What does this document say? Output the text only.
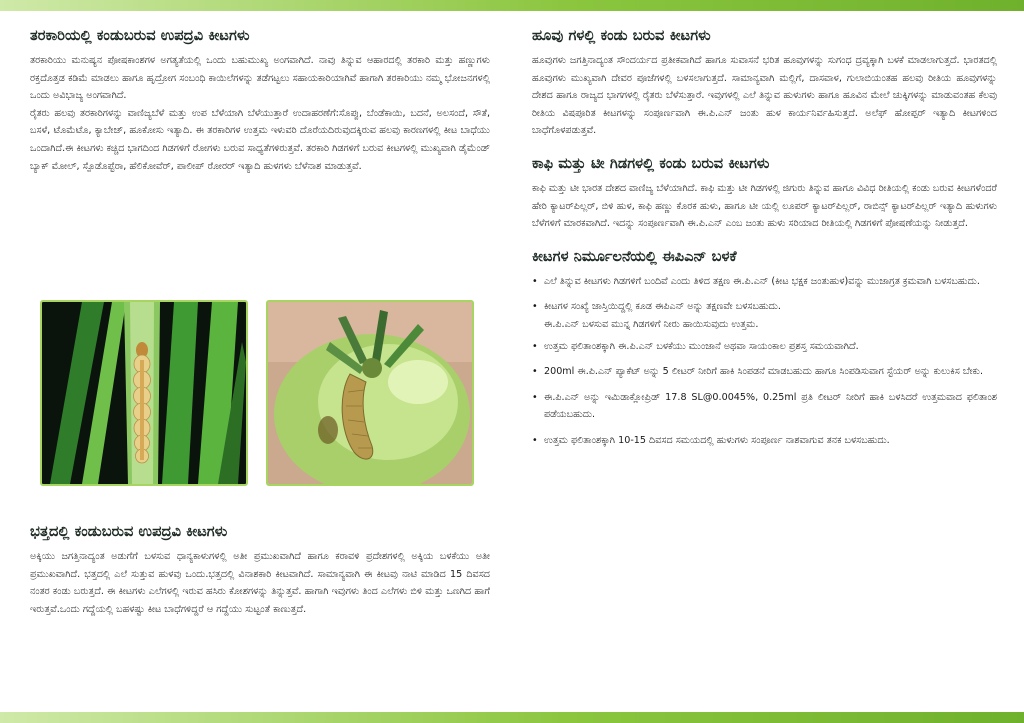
ತರಕಾರಿಯಲ್ಲಿ ಕಂಡುಬರುವ ಉಪದ್ರವಿ ಕೀಟಗಳು

ತರಕಾರಿಯು ಮನುಷ್ಯನ ಪೋಷಕಾಂಶಗಳ ಅಗತ್ಯತೆಯಲ್ಲಿ ಒಂದು ಬಹುಮುಖ್ಯ ಅಂಗವಾಗಿದೆ. ನಾವು ತಿನ್ನುವ ಆಹಾರದಲ್ಲಿ ತರಕಾರಿ ಮತ್ತು ಹಣ್ಣುಗಳು ರಕ್ತದೊತ್ತಡ ಕಡಿಮೆ ಮಾಡಲು ಹಾಗೂ ಹೃದ್ರೋಗ ಸಂಬಂಧಿ ಕಾಯಿಲೆಗಳನ್ನು ತಡೆಗಟ್ಟಲು ಸಹಾಯಕಾರಿಯಾಗಿವೆ ಹಾಗಾಗಿ ತರಕಾರಿಯು ನಮ್ಮ ಭೋಜನಗಳಲ್ಲಿ ಒಂದು ಅವಿಭಾಜ್ಯ ಅಂಗವಾಗಿದೆ.

ರೈತರು ಹಲವು ತರಕಾರಿಗಳನ್ನು ವಾಣಿಜ್ಯಬೆಳೆ ಮತ್ತು ಉಪ ಬೆಳೆಯಾಗಿ ಬೆಳೆಯುತ್ತಾರೆ ಉದಾಹರಣೆಗೆ:ಸೊಪ್ಪು, ಬೆಂಡೆಕಾಯಿ, ಬದನೆ, ಅಲಸಂದೆ, ಸೌತೆ, ಬಸಳೆ, ಟೊಮೆಟೊ, ಕ್ಯಾಬೇಜ್, ಹೂಕೋಸು ಇತ್ಯಾದಿ. ಈ ತರಕಾರಿಗಳ ಉತ್ತಮ ಇಳುವರಿ ದೊರೆಯದಿರುವುದಕ್ಕಿರುವ ಹಲವು ಕಾರಣಗಳಲ್ಲಿ ಕೀಟ ಬಾಧೆಯು ಒಂದಾಗಿದೆ.ಈ ಕೀಟಗಳು ಕಚ್ಚಿದ ಭಾಗದಿಂದ ಗಿಡಗಳಿಗೆ ರೋಗಳು ಬರುವ ಸಾಧ್ಯತೆಗಳಿರುತ್ತವೆ. ತರಕಾರಿ ಗಿಡಗಳಿಗೆ ಬರುವ ಕೀಟಗಳಲ್ಲಿ ಮುಖ್ಯವಾಗಿ ಡೈಮೆಂಡ್ ಬ್ಯಾಕ್ ಮೋಲ್, ಸ್ಪೊಡೊಪ್ಟೆರಾ, ಹೆಲಿಕೋವೆರ್, ಪಾಲೀಪ್ ರೋರರ್ ಇತ್ಯಾದಿ ಹುಳಗಳು ಬೆಳೆನಾಶ ಮಾಡುತ್ತವೆ.

ಭತ್ತದಲ್ಲಿ ಕಂಡುಬರುವ ಉಪದ್ರವಿ ಕೀಟಗಳು

ಅಕ್ಕಿಯು ಜಗತ್ತಿನಾದ್ಯಂತ ಅಡುಗೆಗೆ ಬಳಸುವ ಧಾನ್ಯಕಾಳುಗಳಲ್ಲಿ ಅತೀ ಪ್ರಮುಖವಾಗಿದೆ ಹಾಗೂ ಕರಾವಳಿ ಪ್ರದೇಶಗಳಲ್ಲಿ ಅಕ್ಕಿಯ ಬಳಕೆಯು ಅತೀ ಪ್ರಮುಖವಾಗಿದೆ. ಭತ್ತದಲ್ಲಿ ಎಲೆ ಸುತ್ತುವ ಹುಳವು ಒಂದು.ಭತ್ತದಲ್ಲಿ ವಿನಾಶಕಾರಿ ಕೀಟವಾಗಿದೆ. ಸಾಮಾನ್ಯವಾಗಿ ಈ ಕೀಟವು ನಾಟಿ ಮಾಡಿದ 15 ದಿವಸದ ನಂತರ ಕಂಡು ಬರುತ್ತದೆ. ಈ ಕೀಟಗಳು ಎಲೆಗಳಲ್ಲಿ ಇರುವ ಹಸಿರು ಕೋಶಗಳನ್ನು ತಿನ್ನುತ್ತವೆ. ಹಾಗಾಗಿ ಇವುಗಳು ತಿಂದ ಎಲೆಗಳು ಬಿಳಿ ಮತ್ತು ಒಣಗಿದ ಹಾಗೆ ಇರುತ್ತವೆ.ಒಂದು ಗದ್ದೆಯಲ್ಲಿ ಬಹಳಷ್ಟು ಕೀಟ ಬಾಧೆಗಳಿದ್ದರೆ ಆ ಗದ್ದೆಯು ಸುಟ್ಟಂತೆ ಕಾಣುತ್ತದೆ.

ಹೂವು ಗಳಲ್ಲಿ ಕಂಡು ಬರುವ ಕೀಟಗಳು

ಹೂವುಗಳು ಜಗತ್ತಿನಾದ್ಯಂತ ಸೌಂದರ್ಯದ ಪ್ರತೀಕವಾಗಿದೆ ಹಾಗೂ ಸುವಾಸನೆ ಭರಿತ ಹೂವುಗಳನ್ನು ಸುಗಂಧ ದ್ರವ್ಯಕ್ಕಾಗಿ ಬಳಕೆ ಮಾಡಲಾಗುತ್ತದೆ. ಭಾರತದಲ್ಲಿ ಹೂವುಗಳು ಮುಖ್ಯವಾಗಿ ದೇವರ ಪೂಜೆಗಳಲ್ಲಿ ಬಳಸಲಾಗುತ್ತದೆ. ಸಾಮಾನ್ಯವಾಗಿ ಮಲ್ಲಿಗೆ, ದಾಸವಾಳ, ಗುಲಾಬಿಯಂತಹ ಹಲವು ರೀತಿಯ ಹೂವುಗಳನ್ನು ದೇಶದ ಹಾಗೂ ರಾಜ್ಯದ ಭಾಗಗಳಲ್ಲಿ ರೈತರು ಬೆಳೆಸುತ್ತಾರೆ. ಇವುಗಳಲ್ಲಿ ಎಲೆ ತಿನ್ನುವ ಹುಳುಗಳು ಹಾಗೂ ಹೂವಿನ ಮೇಲೆ ಚುಕ್ಕಿಗಳನ್ನು ಮಾಡುವಂತಹ ಕೆಲವು ರೀತಿಯ ವಿಷಪೂರಿತ ಕೀಟಗಳನ್ನು ಸಂಪೂರ್ಣವಾಗಿ ಈ.ಪಿ.ಎನ್ ಜಂತು ಹುಳ ಕಾರ್ಯನಿರ್ವಹಿಸುತ್ತದೆ. ಅಲೆಫ್ ಹೋಪ್ಪರ್ ಇತ್ಯಾದಿ ಕೀಟಗಳಿಂದ ಬಾಧೆಗೊಳಪಡುತ್ತವೆ.

ಕಾಫಿ ಮತ್ತು ಟೀ ಗಿಡಗಳಲ್ಲಿ ಕಂಡು ಬರುವ ಕೀಟಗಳು

ಕಾಫಿ ಮತ್ತು ಟೀ ಭಾರತ ದೇಶದ ವಾಣಿಜ್ಯ ಬೆಳೆಯಾಗಿದೆ. ಕಾಫಿ ಮತ್ತು ಟೀ ಗಿಡಗಳಲ್ಲಿ ಜಿಗುರು ತಿನ್ನುವ ಹಾಗೂ ವಿವಿಧ ರೀತಿಯಲ್ಲಿ ಕಂಡು ಬರುವ ಕೀಟಗಳೆಂದರೆ ಹೇರಿ ಕ್ಯಾಟರ್‌ಪಿಲ್ಲರ್, ಬಿಳಿ ಹುಳ, ಕಾಫಿ ಹಣ್ಣು ಕೊರಕ ಹುಳು, ಹಾಗೂ ಟೀ ಯಲ್ಲಿ ಲೂಪರ್ ಕ್ಯಾಟರ್‌ಪಿಲ್ಲರ್, ರಾಬಿನ್ಸ್ ಕ್ಯಾಟರ್‌ಪಿಲ್ಲರ್ ಇತ್ಯಾದಿ ಹುಳುಗಳು ಬೆಳೆಗಳಿಗೆ ಮಾರಕವಾಗಿದೆ. ಇದನ್ನು ಸಂಪೂರ್ಣವಾಗಿ ಈ.ಪಿ.ಎನ್ ಎಂಬ ಜಂತು ಹುಳು ಸರಿಯಾದ ರೀತಿಯಲ್ಲಿ ಗಿಡಗಳಿಗೆ ಪೋಷಣೆಯನ್ನು ನೀಡುತ್ತದೆ.

ಕೀಟಗಳ ನಿರ್ಮೂಲನೆಯಲ್ಲಿ ಈಪಿಎನ್ ಬಳಕೆ
• ಎಲೆ ತಿನ್ನುವ ಕೀಟಗಳು ಗಿಡಗಳಿಗೆ ಬಂದಿವೆ ಎಂದು ತಿಳಿದ ತಕ್ಷಣ ಈ.ಪಿ.ಎನ್ (ಕೀಟ ಭಕ್ಷಕ ಜಂತುಹುಳ)ವನ್ನು ಮುಜಾಗ್ರತ ಕ್ರಮವಾಗಿ ಬಳಸಬಹುದು.
• ಕೀಟಗಳ ಸಂಖ್ಯೆ ಜಾಸ್ತಿಯಿದ್ದಲ್ಲಿ ಕೂಡ ಈಪಿಎನ್ ಅನ್ನು ತಕ್ಷಣವೇ ಬಳಸಬಹುದು.
ಈ.ಪಿ.ಎನ್ ಬಳಸುವ ಮುನ್ನ ಗಿಡಗಳಿಗೆ ನೀರು ಹಾಯಿಸುವುದು ಉತ್ತಮ.
• ಉತ್ತಮ ಫಲಿತಾಂಶಕ್ಕಾಗಿ ಈ.ಪಿ.ಎನ್ ಬಳಕೆಯು ಮುಂಜಾನೆ ಅಥವಾ ಸಾಯಂಕಾಲ ಪ್ರಶಸ್ತ ಸಮಯವಾಗಿದೆ.
• 200ml ಈ.ಪಿ.ಎನ್ ಪ್ಯಾಕೆಟ್ ಅನ್ನು 5 ಲೀಟರ್ ನೀರಿಗೆ ಹಾಕಿ ಸಿಂಪಡನೆ ಮಾಡಬಹುದು ಹಾಗೂ ಸಿಂಪಡಿಸುವಾಗ ಸ್ಟೆಯರ್ ಅನ್ನು ಕುಲುಕಿಸ ಬೇಕು.
• ಈ.ಪಿ.ಎನ್ ಅನ್ನು ಇಮಿಡಾಕ್ಲೋಪ್ರಿಡ್ 17.8 SL@0.0045%, 0.25ml ಪ್ರತಿ ಲೀಟರ್ ನೀರಿಗೆ ಹಾಕಿ ಬಳಸಿದರೆ ಉತ್ತಮವಾದ ಫಲಿತಾಂಶ ಪಡೆಯಬಹುದು.
• ಉತ್ತಮ ಫಲಿತಾಂಶಕ್ಕಾಗಿ 10-15 ದಿವಸದ ಸಮಯದಲ್ಲಿ ಹುಳುಗಳು ಸಂಪೂರ್ಣ ನಾಶವಾಗುವ ತನಕ ಬಳಸಬಹುದು.
